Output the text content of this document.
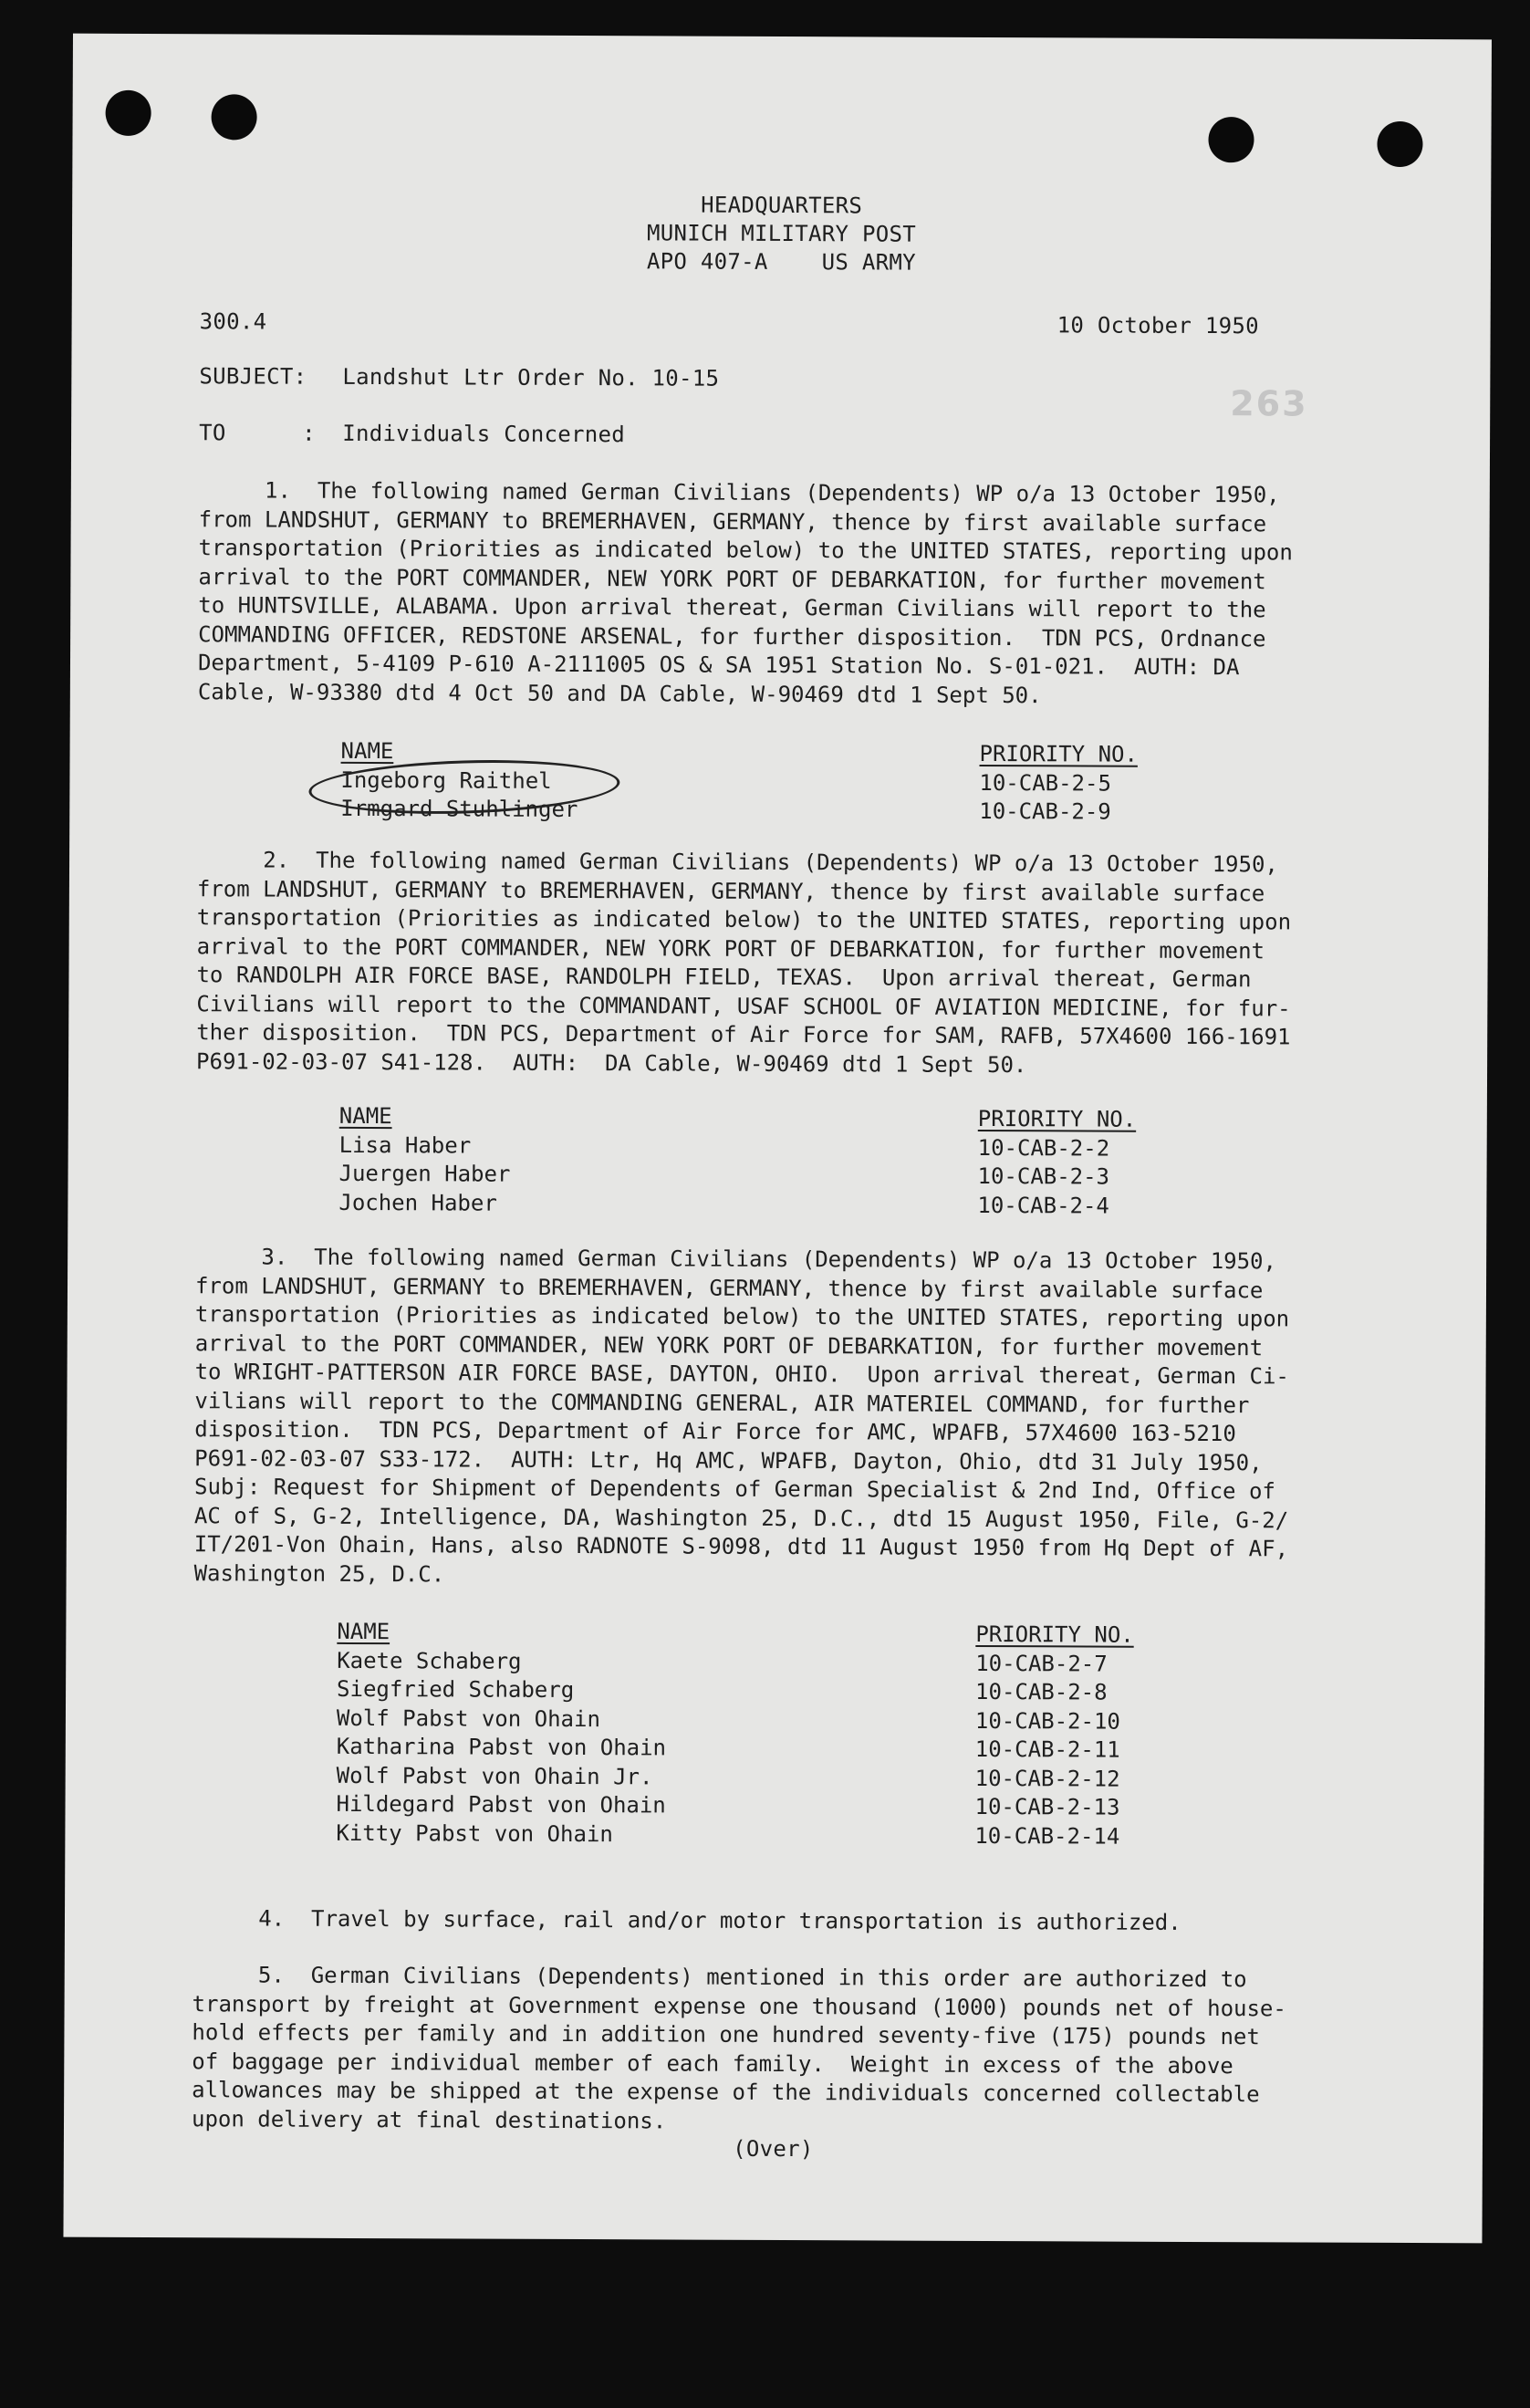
HEADQUARTERS
MUNICH MILITARY POST
APO 407-A    US ARMY
300.4	10 October 1950
SUBJECT: Landshut Ltr Order No. 10-15
263
TO	:  Individuals Concerned
1.  The following named German Civilians (Dependents) WP o/a 13 October 1950,
from LANDSHUT, GERMANY to BREMERHAVEN, GERMANY, thence by first available surface
transportation (Priorities as indicated below) to the UNITED STATES, reporting upon
arrival to the PORT COMMANDER, NEW YORK PORT OF DEBARKATION, for further movement
to HUNTSVILLE, ALABAMA. Upon arrival thereat, German Civilians will report to the
COMMANDING OFFICER, REDSTONE ARSENAL, for further disposition.  TDN PCS, Ordnance
Department, 5-4109 P-610 A-2111005 OS & SA 1951 Station No. S-01-021.  AUTH: DA
Cable, W-93380 dtd 4 Oct 50 and DA Cable, W-90469 dtd 1 Sept 50.
NAME	PRIORITY NO.
Ingeborg Raithel	10-CAB-2-5
Irmgard Stuhlinger	10-CAB-2-9
2.  The following named German Civilians (Dependents) WP o/a 13 October 1950,
from LANDSHUT, GERMANY to BREMERHAVEN, GERMANY, thence by first available surface
transportation (Priorities as indicated below) to the UNITED STATES, reporting upon
arrival to the PORT COMMANDER, NEW YORK PORT OF DEBARKATION, for further movement
to RANDOLPH AIR FORCE BASE, RANDOLPH FIELD, TEXAS.  Upon arrival thereat, German
Civilians will report to the COMMANDANT, USAF SCHOOL OF AVIATION MEDICINE, for fur-
ther disposition.  TDN PCS, Department of Air Force for SAM, RAFB, 57X4600 166-1691
P691-02-03-07 S41-128.  AUTH:  DA Cable, W-90469 dtd 1 Sept 50.
NAME	PRIORITY NO.
Lisa Haber	10-CAB-2-2
Juergen Haber	10-CAB-2-3
Jochen Haber	10-CAB-2-4
3.  The following named German Civilians (Dependents) WP o/a 13 October 1950,
from LANDSHUT, GERMANY to BREMERHAVEN, GERMANY, thence by first available surface
transportation (Priorities as indicated below) to the UNITED STATES, reporting upon
arrival to the PORT COMMANDER, NEW YORK PORT OF DEBARKATION, for further movement
to WRIGHT-PATTERSON AIR FORCE BASE, DAYTON, OHIO.  Upon arrival thereat, German Ci-
vilians will report to the COMMANDING GENERAL, AIR MATERIEL COMMAND, for further
disposition.  TDN PCS, Department of Air Force for AMC, WPAFB, 57X4600 163-5210
P691-02-03-07 S33-172.  AUTH: Ltr, Hq AMC, WPAFB, Dayton, Ohio, dtd 31 July 1950,
Subj: Request for Shipment of Dependents of German Specialist & 2nd Ind, Office of
AC of S, G-2, Intelligence, DA, Washington 25, D.C., dtd 15 August 1950, File, G-2/
IT/201-Von Ohain, Hans, also RADNOTE S-9098, dtd 11 August 1950 from Hq Dept of AF,
Washington 25, D.C.
NAME	PRIORITY NO.
Kaete Schaberg	10-CAB-2-7
Siegfried Schaberg	10-CAB-2-8
Wolf Pabst von Ohain	10-CAB-2-10
Katharina Pabst von Ohain	10-CAB-2-11
Wolf Pabst von Ohain Jr.	10-CAB-2-12
Hildegard Pabst von Ohain	10-CAB-2-13
Kitty Pabst von Ohain	10-CAB-2-14
4.  Travel by surface, rail and/or motor transportation is authorized.
5.  German Civilians (Dependents) mentioned in this order are authorized to
transport by freight at Government expense one thousand (1000) pounds net of house-
hold effects per family and in addition one hundred seventy-five (175) pounds net
of baggage per individual member of each family.  Weight in excess of the above
allowances may be shipped at the expense of the individuals concerned collectable
upon delivery at final destinations.
(Over)
